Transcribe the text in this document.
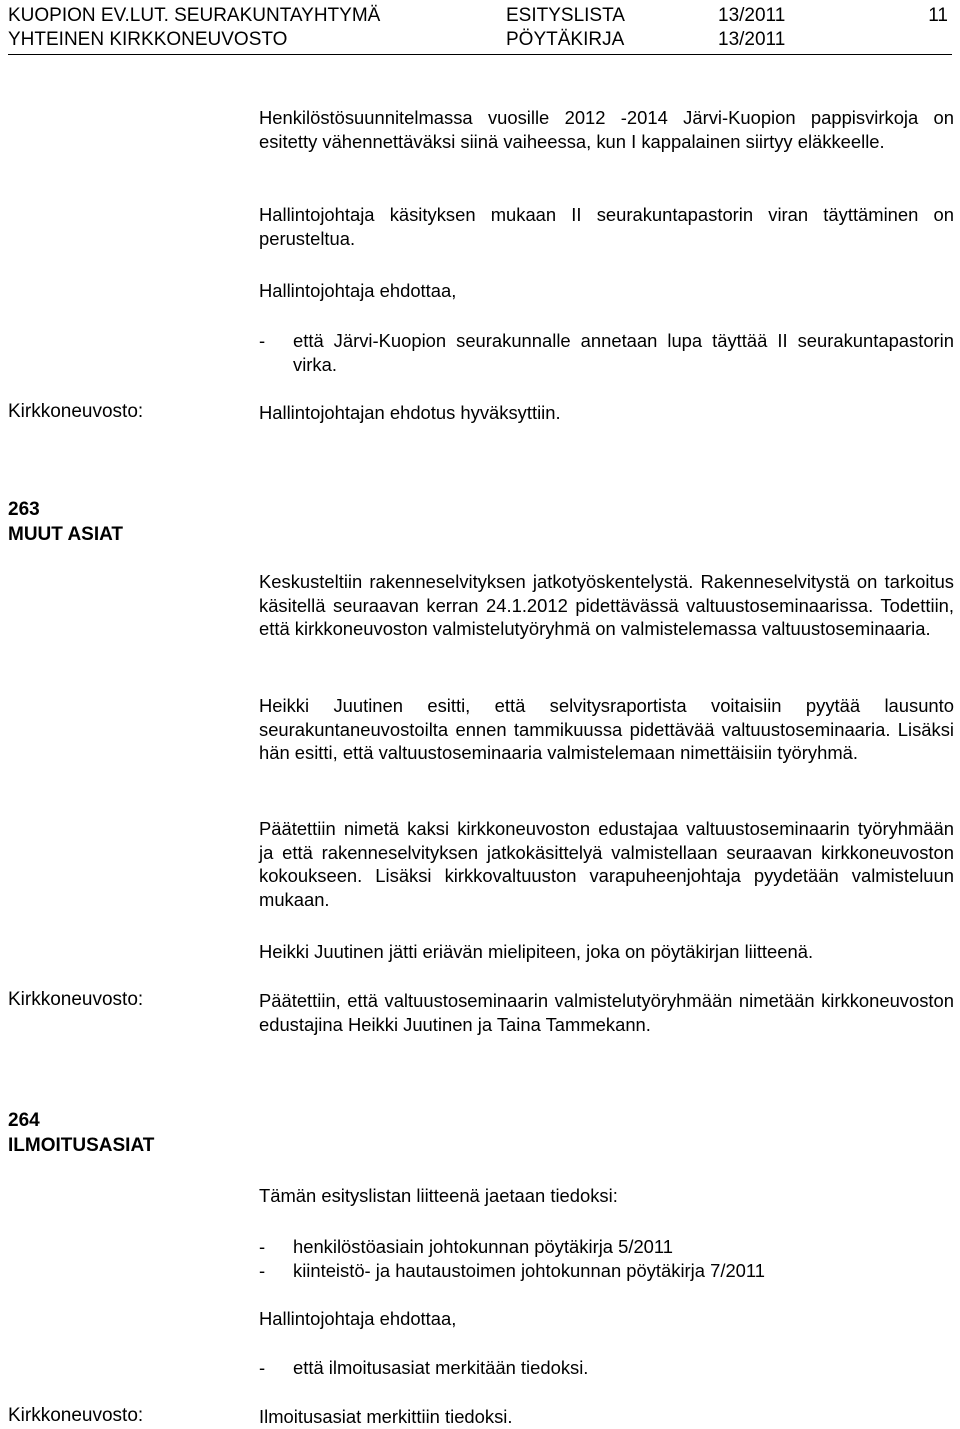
KUOPION EV.LUT. SEURAKUNTAYHTYMÄ	ESITYSLISTA	13/2011	11
YHTEINEN KIRKKONEUVOSTO	PÖYTÄKIRJA	13/2011
Henkilöstösuunnitelmassa vuosille 2012 -2014 Järvi-Kuopion pappisvirkoja on esitetty vähennettäväksi siinä vaiheessa, kun I kappalainen siirtyy eläkkeelle.
Hallintojohtaja käsityksen mukaan II seurakuntapastorin viran täyttäminen on perusteltua.
Hallintojohtaja ehdottaa,
- että Järvi-Kuopion seurakunnalle annetaan lupa täyttää II seurakuntapastorin virka.
Kirkkoneuvosto:	Hallintojohtajan ehdotus hyväksyttiin.
263
MUUT ASIAT
Keskusteltiin rakenneselvityksen jatkotyöskentelystä. Rakenneselvitystä on tarkoitus käsitellä seuraavan kerran 24.1.2012 pidettävässä valtuustoseminaarissa. Todettiin, että kirkkoneuvoston valmistelutyöryhmä on valmistelemassa valtuustoseminaaria.
Heikki Juutinen esitti, että selvitysraportista voitaisiin pyytää lausunto seurakuntaneuvostoilta ennen tammikuussa pidettävää valtuustoseminaaria. Lisäksi hän esitti, että valtuustoseminaaria valmistelemaan nimettäisiin työryhmä.
Päätettiin nimetä kaksi kirkkoneuvoston edustajaa valtuustoseminaarin työryhmään ja että rakenneselvityksen jatkokäsittelyä valmistellaan seuraavan kirkkoneuvoston kokoukseen. Lisäksi kirkkovaltuuston varapuheenjohtaja pyydetään valmisteluun mukaan.
Heikki Juutinen jätti eriävän mielipiteen, joka on pöytäkirjan liitteenä.
Kirkkoneuvosto:	Päätettiin, että valtuustoseminaarin valmistelutyöryhmään nimetään kirkkoneuvoston edustajina Heikki Juutinen ja Taina Tammekann.
264
ILMOITUSASIAT
Tämän esityslistan liitteenä jaetaan tiedoksi:
- henkilöstöasiain johtokunnan pöytäkirja 5/2011
- kiinteistö- ja hautaustoimen johtokunnan pöytäkirja 7/2011
Hallintojohtaja ehdottaa,
- että ilmoitusasiat merkitään tiedoksi.
Kirkkoneuvosto:	Ilmoitusasiat merkittiin tiedoksi.
